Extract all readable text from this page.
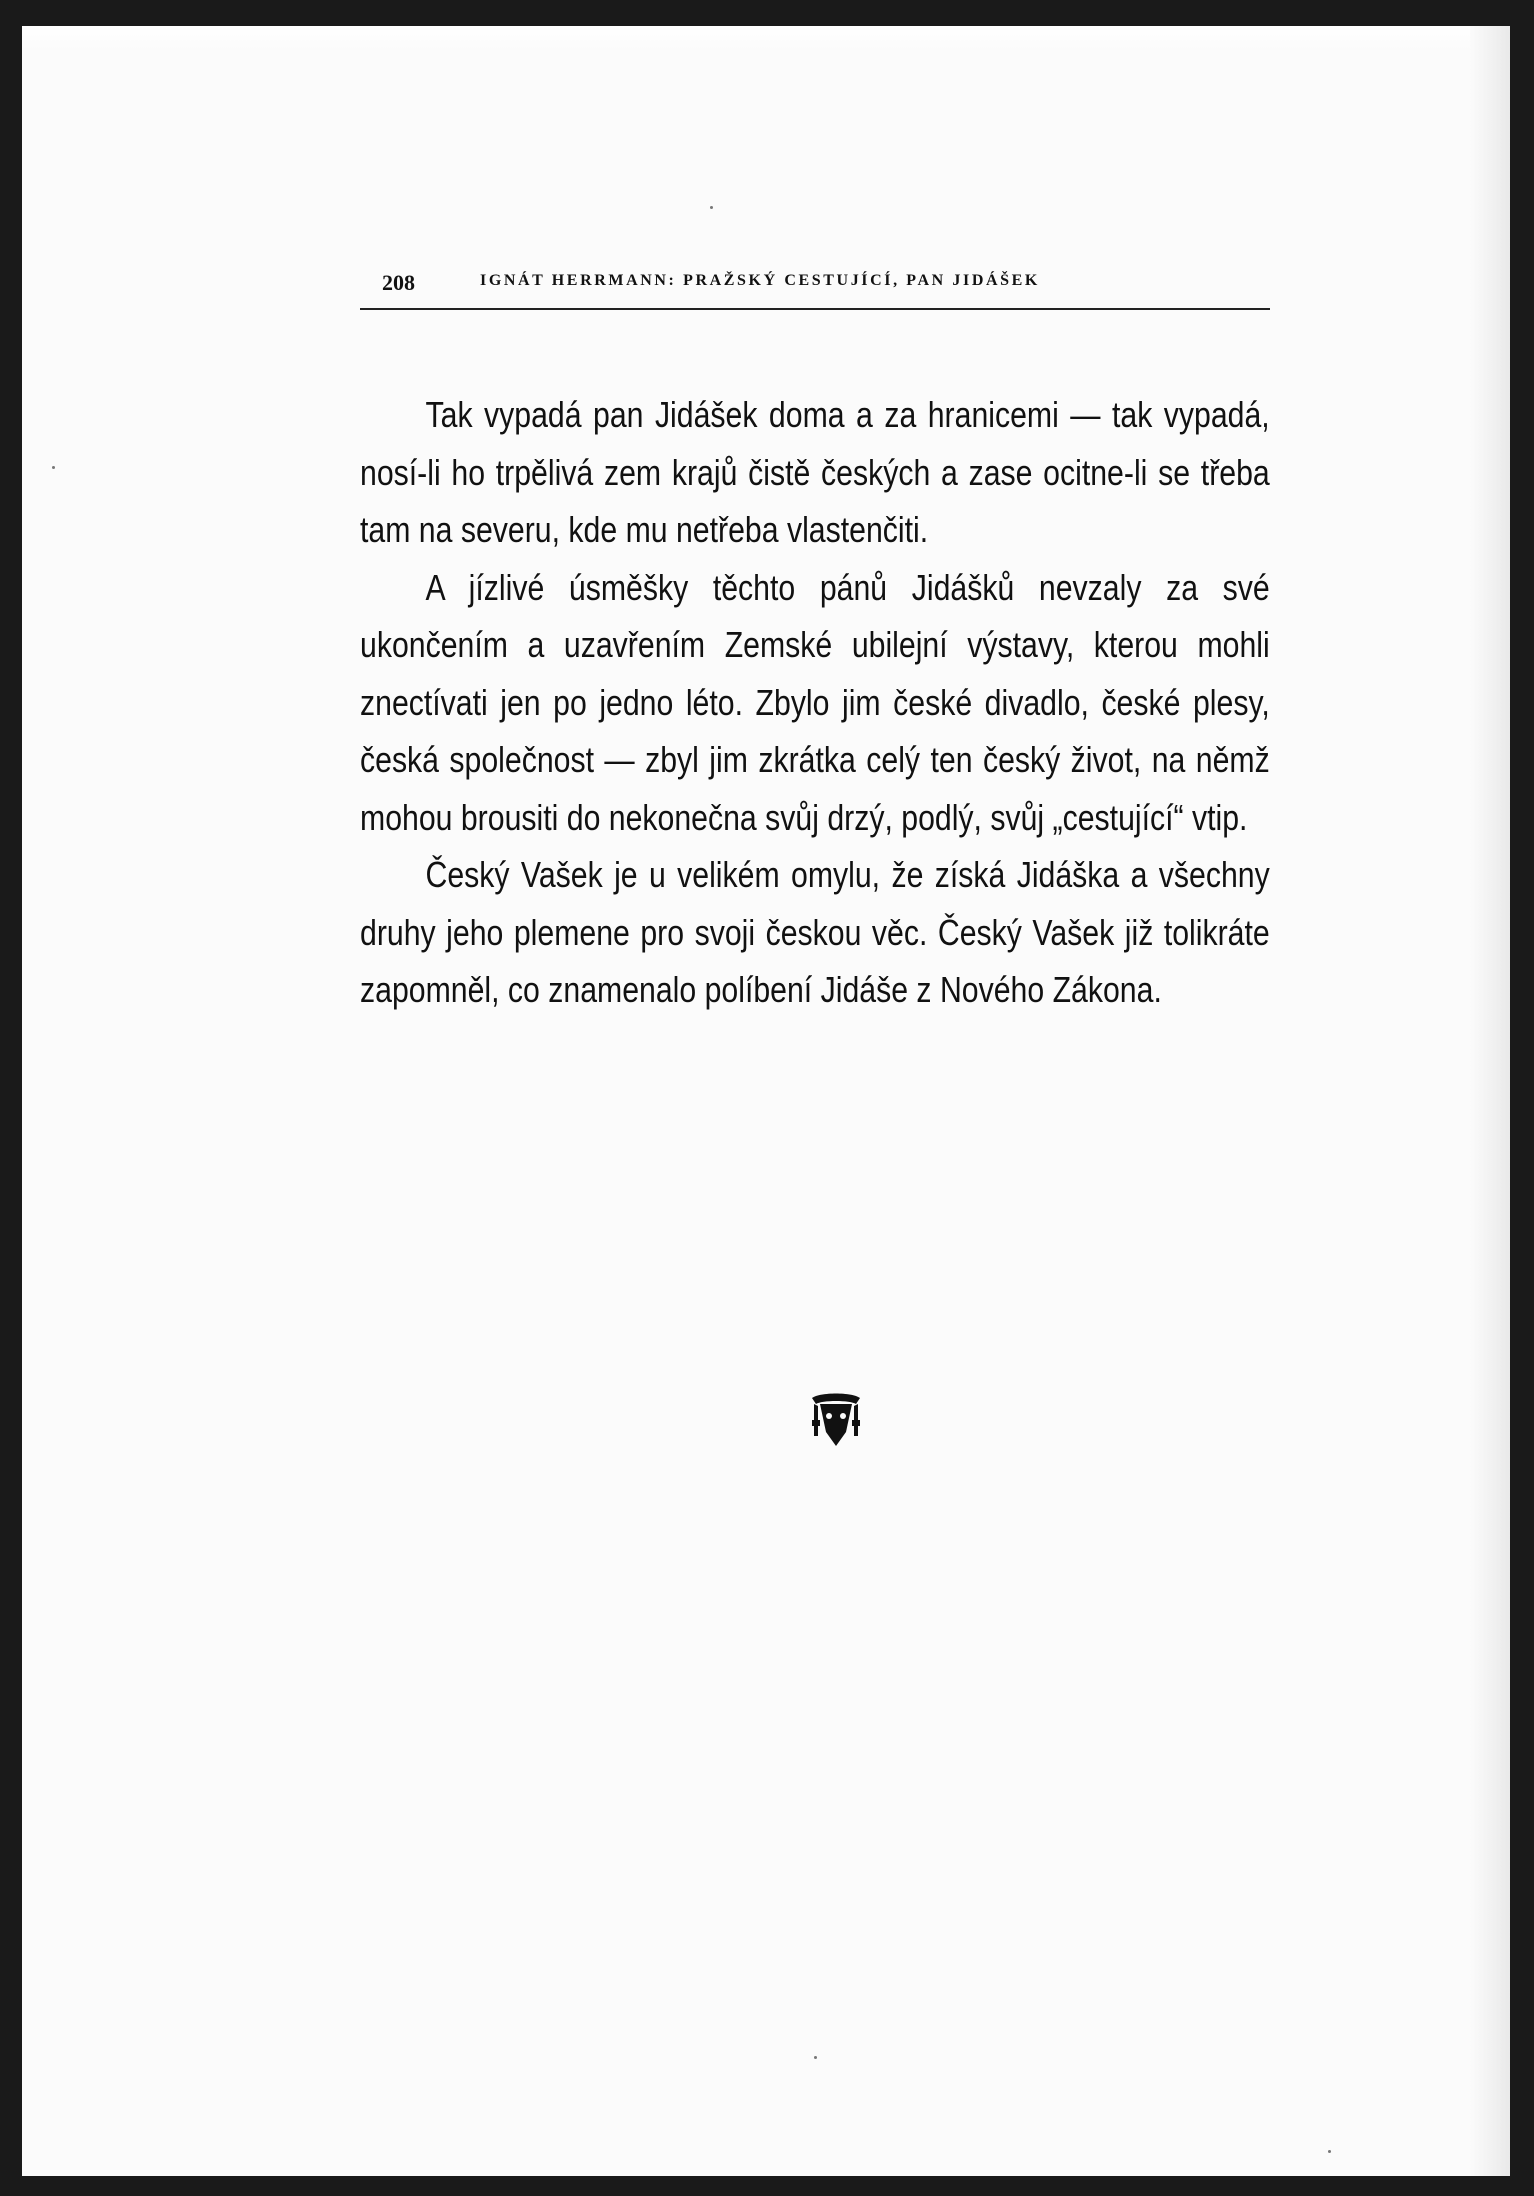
208	IGNÁT HERRMANN: PRAŽSKÝ CESTUJÍCÍ, PAN JIDÁŠEK

Tak vypadá pan Jidášek doma a za hranicemi — tak vypadá, nosí-li ho trpělivá zem krajů čistě českých a zase ocitne-li se třeba tam na severu, kde mu netřeba vlastenčiti.

A jízlivé úsměšky těchto pánů Jidášků nevzaly za své ukončením a uzavřením Zemské ubilejní výstavy, kterou mohli znectívati jen po jedno léto. Zbylo jim české divadlo, české plesy, česká společnost — zbyl jim zkrátka celý ten český život, na němž mohou brousiti do nekonečna svůj drzý, podlý, svůj „cestující“ vtip.

Český Vašek je u velikém omylu, že získá Jidáška a všechny druhy jeho plemene pro svoji českou věc. Český Vašek již tolikráte zapomněl, co znamenalo políbení Jidáše z Nového Zákona.
